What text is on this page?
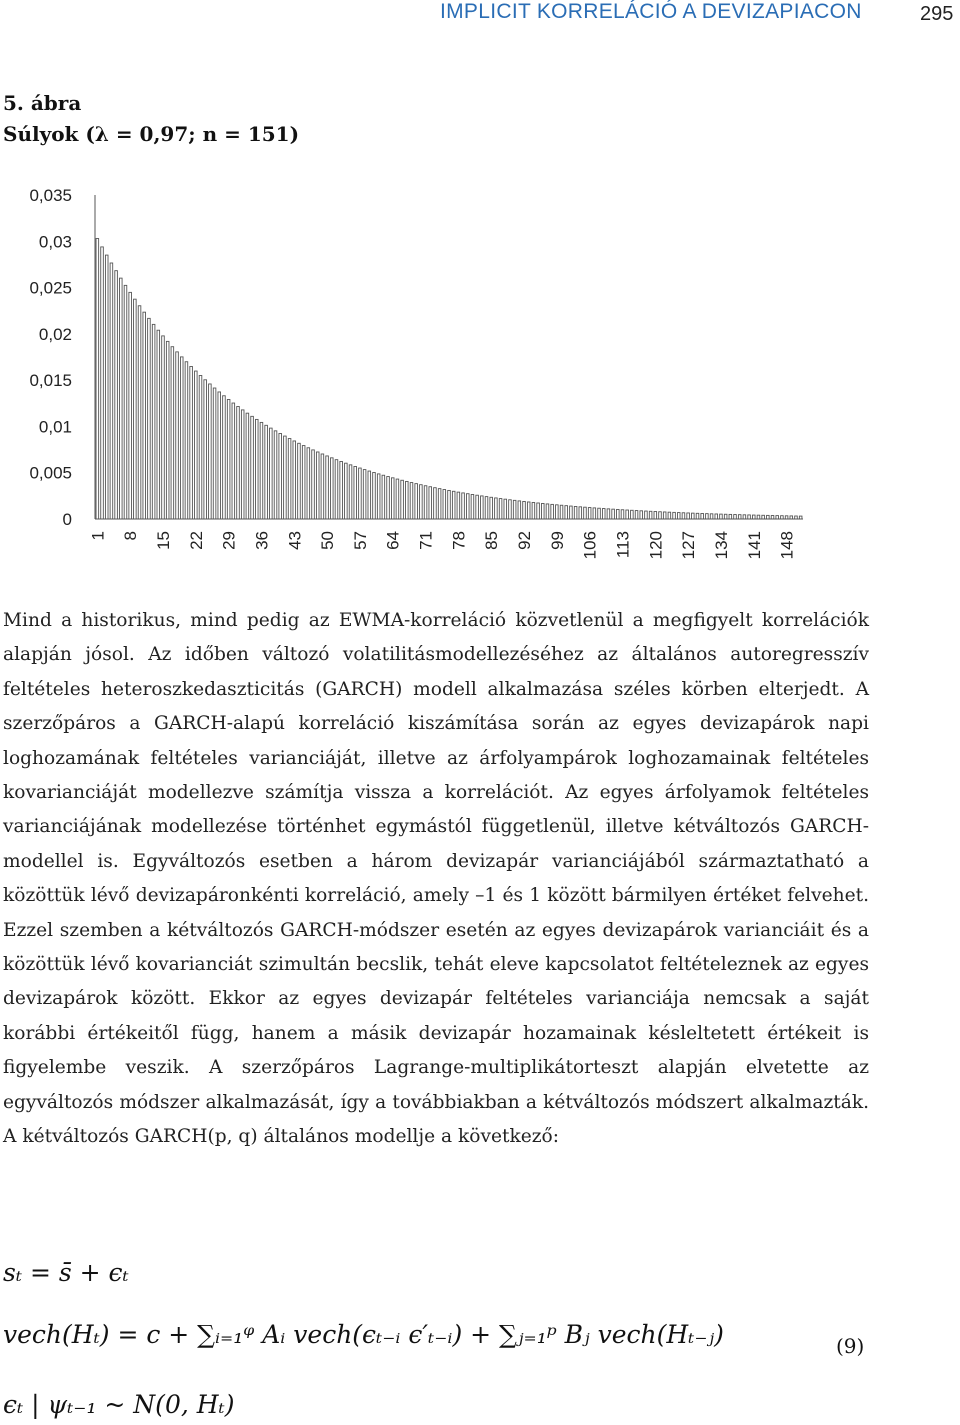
IMPLICIT KORRELÁCIÓ A DEVIZAPIACON	295
5. ábra
Súlyok (λ = 0,97; n = 151)
0,035
0,03
0,025
0,02
0,015
0,01
0,005
0
1 8 15 22 29 36 43 50 57 64 71 78 85 92 99 106 113 120 127 134 141 148

Mind a historikus, mind pedig az EWMA-korreláció közvetlenül a megfigyelt korrelációk alapján jósol. Az időben változó volatilitásmodellezéséhez az általános autoregresszív feltételes heteroszkedaszticitás (GARCH) modell alkalmazása széles körben elterjedt. A szerzőpáros a GARCH-alapú korreláció kiszámítása során az egyes devizapárok napi loghozamának feltételes varianciáját, illetve az árfolyampárok loghozamainak feltételes kovarianciáját modellezve számítja vissza a korrelációt. Az egyes árfolyamok feltételes varianciájának modellezése történhet egymástól függetlenül, illetve kétváltozós GARCH-modellel is. Egyváltozós esetben a három devizapár varianciájából származtatható a közöttük lévő devizapáronkénti korreláció, amely –1 és 1 között bármilyen értéket felvehet. Ezzel szemben a kétváltozós GARCH-módszer esetén az egyes devizapárok varianciáit és a közöttük lévő kovarianciát szimultán becslik, tehát eleve kapcsolatot feltételeznek az egyes devizapárok között. Ekkor az egyes devizapár feltételes varianciája nemcsak a saját korábbi értékeitől függ, hanem a másik devizapár hozamainak késleltetett értékeit is figyelembe veszik. A szerzőpáros Lagrange-multiplikátorteszt alapján elvetette az egyváltozós módszer alkalmazását, így a továbbiakban a kétváltozós módszert alkalmazták. A kétváltozós GARCH(p, q) általános modellje a következő:

sₜ = s̄ + ϵₜ
vech(Hₜ) = c + ∑ᵢ₌₁ᵠ Aᵢ vech(ϵₜ₋ᵢ ϵ′ₜ₋ᵢ) + ∑ⱼ₌₁ᵖ Bⱼ vech(Hₜ₋ⱼ)	(9)
ϵₜ | ψₜ₋₁ ~ N(0, Hₜ)
